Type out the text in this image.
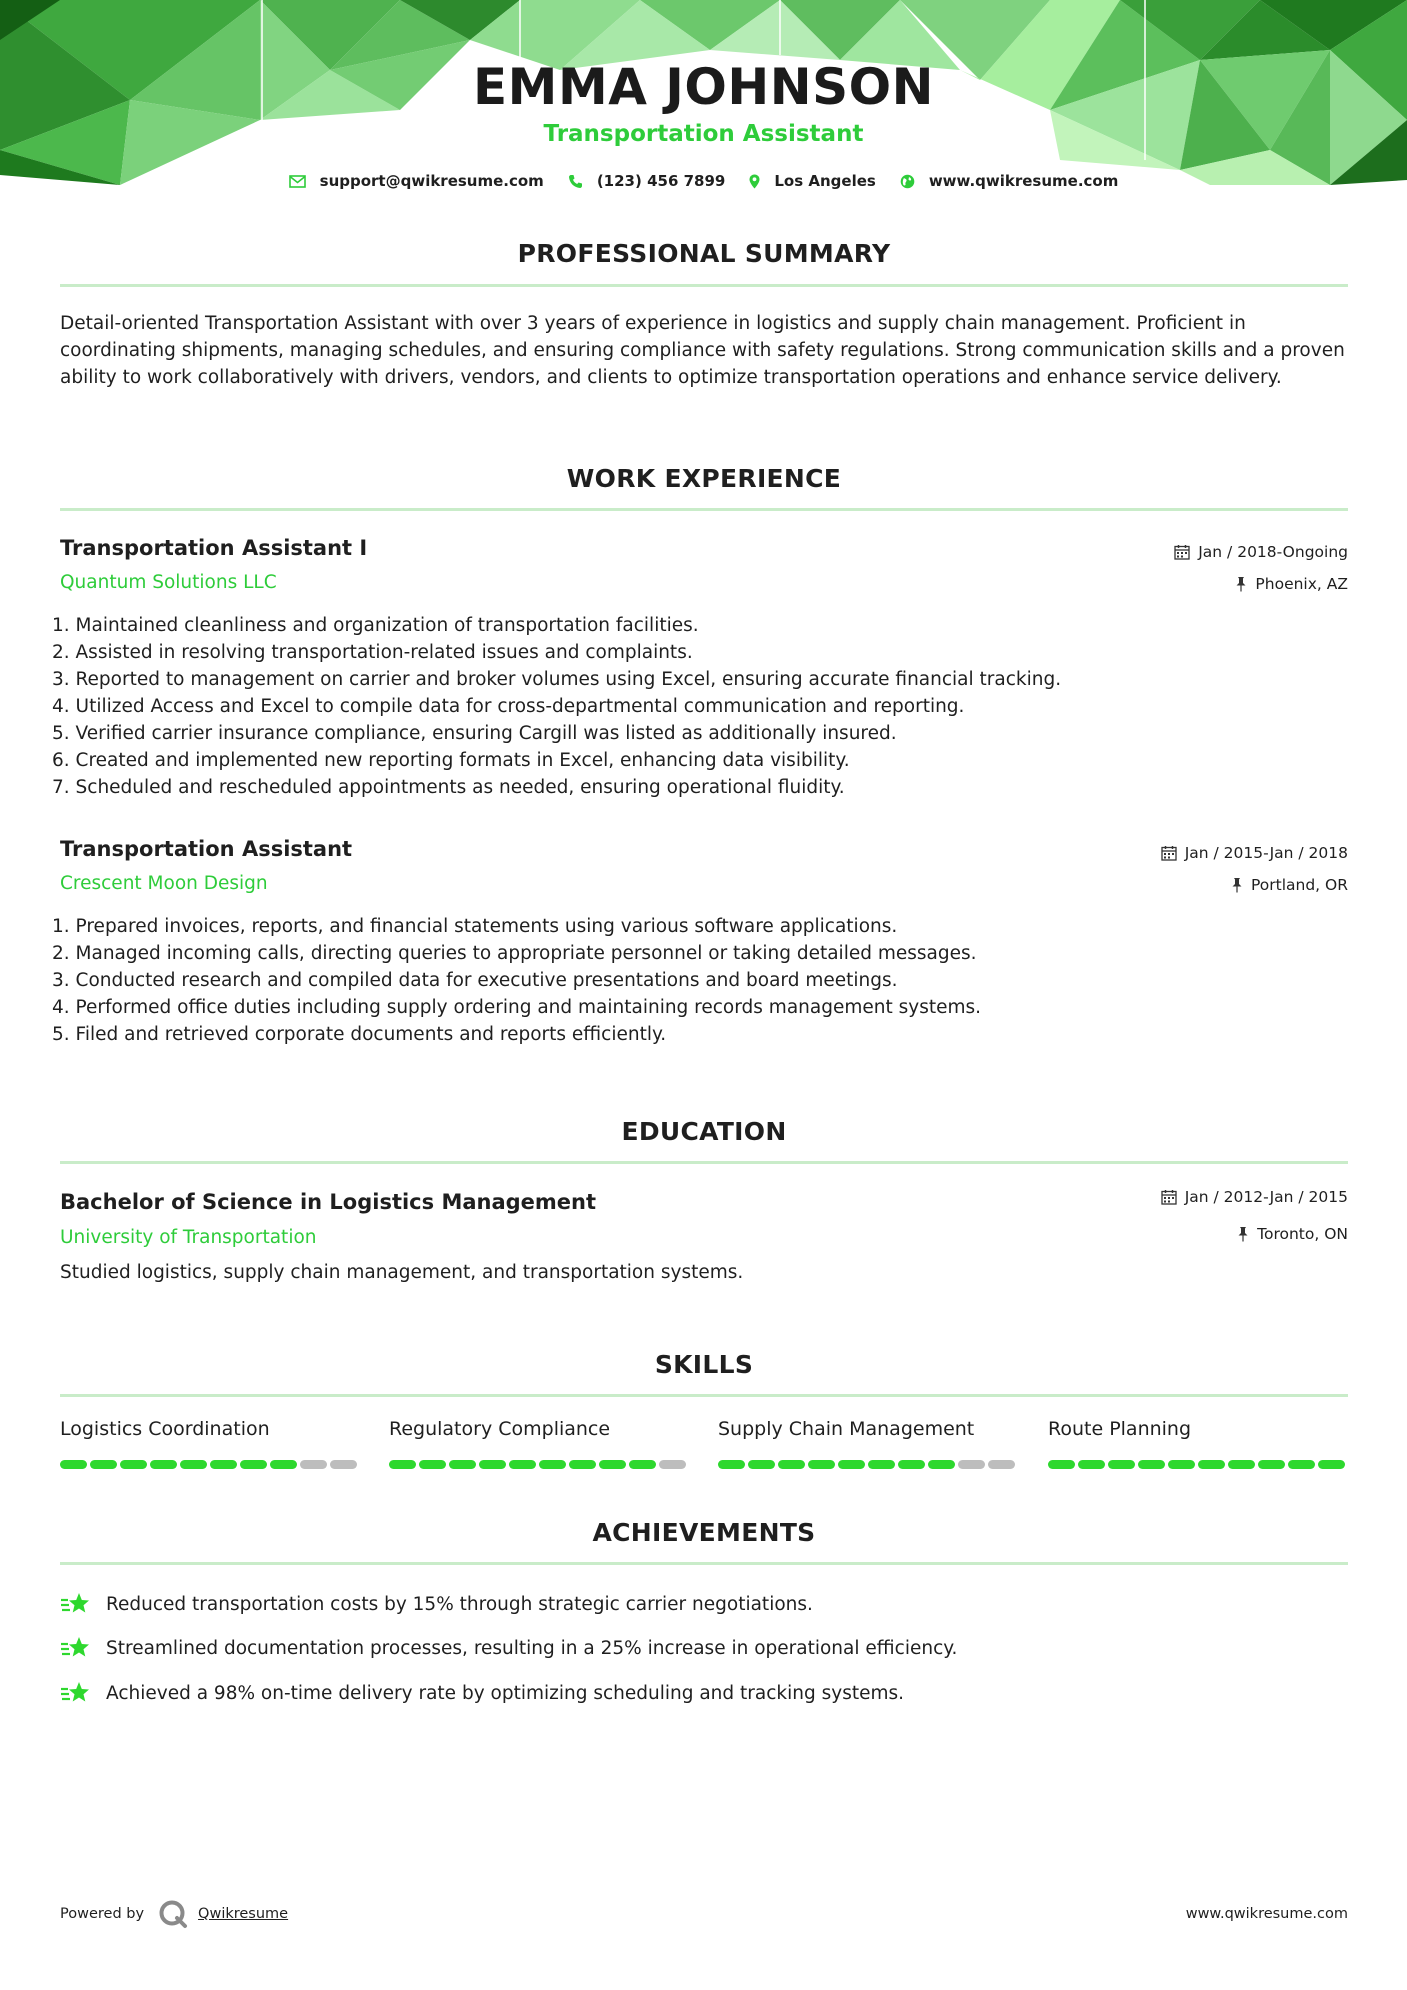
EMMA JOHNSON
Transportation Assistant
support@qwikresume.com	(123) 456 7899	Los Angeles	www.qwikresume.com
PROFESSIONAL SUMMARY
Detail-oriented Transportation Assistant with over 3 years of experience in logistics and supply chain management. Proficient in coordinating shipments, managing schedules, and ensuring compliance with safety regulations. Strong communication skills and a proven ability to work collaboratively with drivers, vendors, and clients to optimize transportation operations and enhance service delivery.
WORK EXPERIENCE
Transportation Assistant I
Quantum Solutions LLC
Jan / 2018-Ongoing
Phoenix, AZ
1. Maintained cleanliness and organization of transportation facilities.
2. Assisted in resolving transportation-related issues and complaints.
3. Reported to management on carrier and broker volumes using Excel, ensuring accurate financial tracking.
4. Utilized Access and Excel to compile data for cross-departmental communication and reporting.
5. Verified carrier insurance compliance, ensuring Cargill was listed as additionally insured.
6. Created and implemented new reporting formats in Excel, enhancing data visibility.
7. Scheduled and rescheduled appointments as needed, ensuring operational fluidity.
Transportation Assistant
Crescent Moon Design
Jan / 2015-Jan / 2018
Portland, OR
1. Prepared invoices, reports, and financial statements using various software applications.
2. Managed incoming calls, directing queries to appropriate personnel or taking detailed messages.
3. Conducted research and compiled data for executive presentations and board meetings.
4. Performed office duties including supply ordering and maintaining records management systems.
5. Filed and retrieved corporate documents and reports efficiently.
EDUCATION
Bachelor of Science in Logistics Management
University of Transportation
Jan / 2012-Jan / 2015
Toronto, ON
Studied logistics, supply chain management, and transportation systems.
SKILLS
Logistics Coordination	Regulatory Compliance	Supply Chain Management	Route Planning
ACHIEVEMENTS
Reduced transportation costs by 15% through strategic carrier negotiations.
Streamlined documentation processes, resulting in a 25% increase in operational efficiency.
Achieved a 98% on-time delivery rate by optimizing scheduling and tracking systems.
Powered by	Qwikresume	www.qwikresume.com
